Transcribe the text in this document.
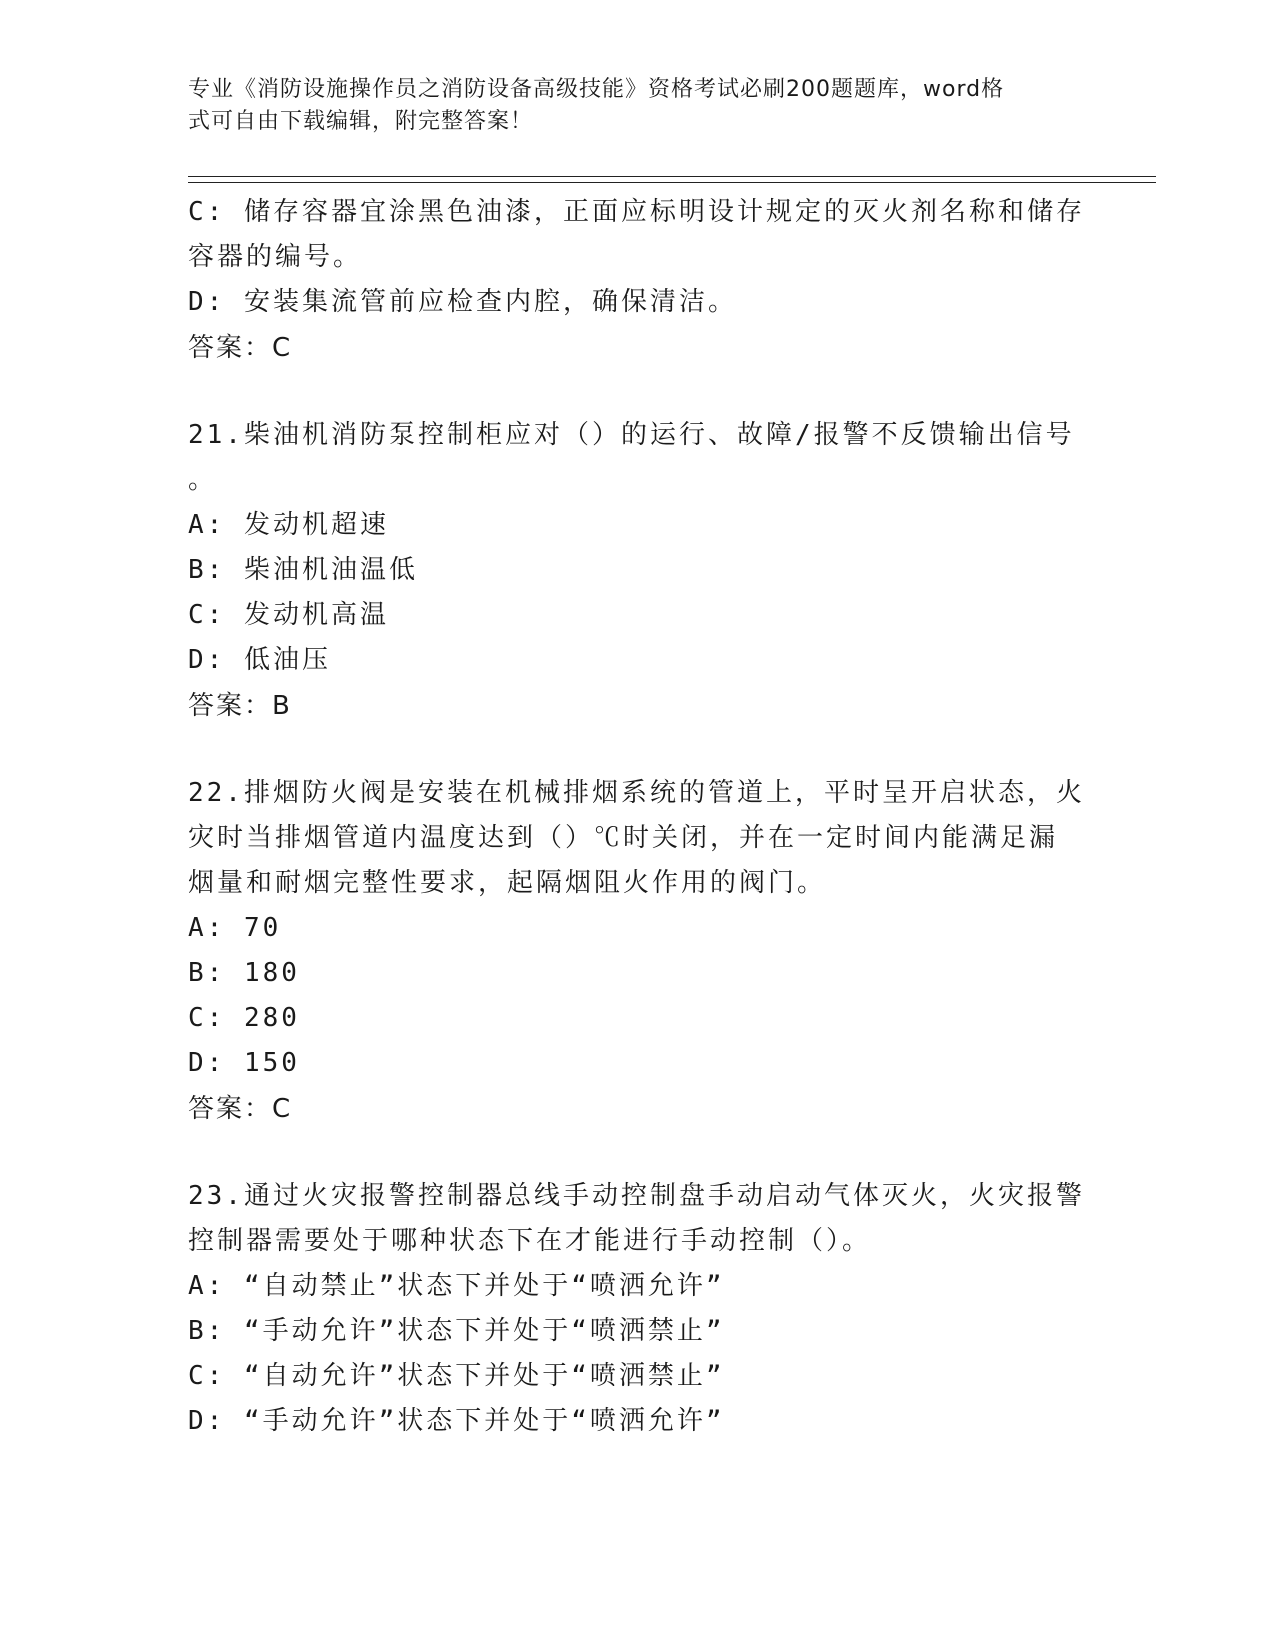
专业《消防设施操作员之消防设备高级技能》资格考试必刷200题题库，word格
式可自由下载编辑，附完整答案！
C: 储存容器宜涂黑色油漆，正面应标明设计规定的灭火剂名称和储存
容器的编号。
D: 安装集流管前应检查内腔，确保清洁。
答案：C
21.柴油机消防泵控制柜应对（）的运行、故障/报警不反馈输出信号
。
A: 发动机超速
B: 柴油机油温低
C: 发动机高温
D: 低油压
答案：B
22.排烟防火阀是安装在机械排烟系统的管道上，平时呈开启状态，火
灾时当排烟管道内温度达到（）℃时关闭，并在一定时间内能满足漏
烟量和耐烟完整性要求，起隔烟阻火作用的阀门。
A: 70
B: 180
C: 280
D: 150
答案：C
23.通过火灾报警控制器总线手动控制盘手动启动气体灭火，火灾报警
控制器需要处于哪种状态下在才能进行手动控制（）。
A: “自动禁止”状态下并处于“喷洒允许”
B: “手动允许”状态下并处于“喷洒禁止”
C: “自动允许”状态下并处于“喷洒禁止”
D: “手动允许”状态下并处于“喷洒允许”
